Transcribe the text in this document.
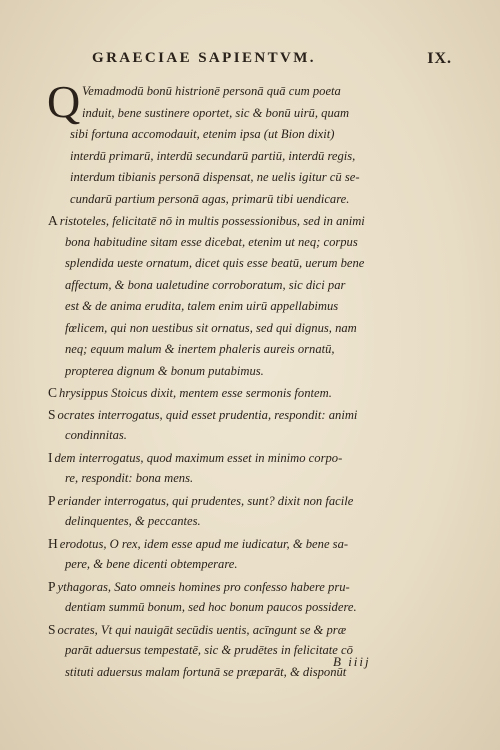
GRAECIAE SAPIENTVM.	IX.
Q Vemadmodū bonū histrionē personā quā cum poeta
induit, bene sustinere oportet, sic & bonū uirū, quam
sibi fortuna accomodauit, etenim ipsa (ut Bion dixit)
interdū primarū, interdū secundarū partiū, interdū regis,
interdum tibianis personā dispensat, ne uelis igitur cū se-
cundarū partium personā agas, primarū tibi uendicare.
A ristoteles, felicitatē nō in multis possessionibus, sed in animi
bona habitudine sitam esse dicebat, etenim ut neq; corpus
splendida ueste ornatum, dicet quis esse beatū, uerum bene
affectum, & bona ualetudine corroboratum, sic dici par
est & de anima erudita, talem enim uirū appellabimus
fœlicem, qui non uestibus sit ornatus, sed qui dignus, nam
neq; equum malum & inertem phaleris aureis ornatū,
propterea dignum & bonum putabimus.
C hrysippus Stoicus dixit, mentem esse sermonis fontem.
S ocrates interrogatus, quid esset prudentia, respondit: animi
condinnitas.
I dem interrogatus, quod maximum esset in minimo corpo-
re, respondit: bona mens.
P eriander interrogatus, qui prudentes, sunt? dixit non facile
delinquentes, & peccantes.
H erodotus, O rex, idem esse apud me iudicatur, & bene sa-
pere, & bene dicenti obtemperare.
P ythagoras, Sato omneis homines pro confesso habere pru-
dentiam summū bonum, sed hoc bonum paucos possidere.
S ocrates, Vt qui nauigāt secūdis uentis, acīngunt se & præ
parāt aduersus tempestatē, sic & prudētes in felicitate cō
stituti aduersus malam fortunā se præparāt, & disponūt
B iiij
